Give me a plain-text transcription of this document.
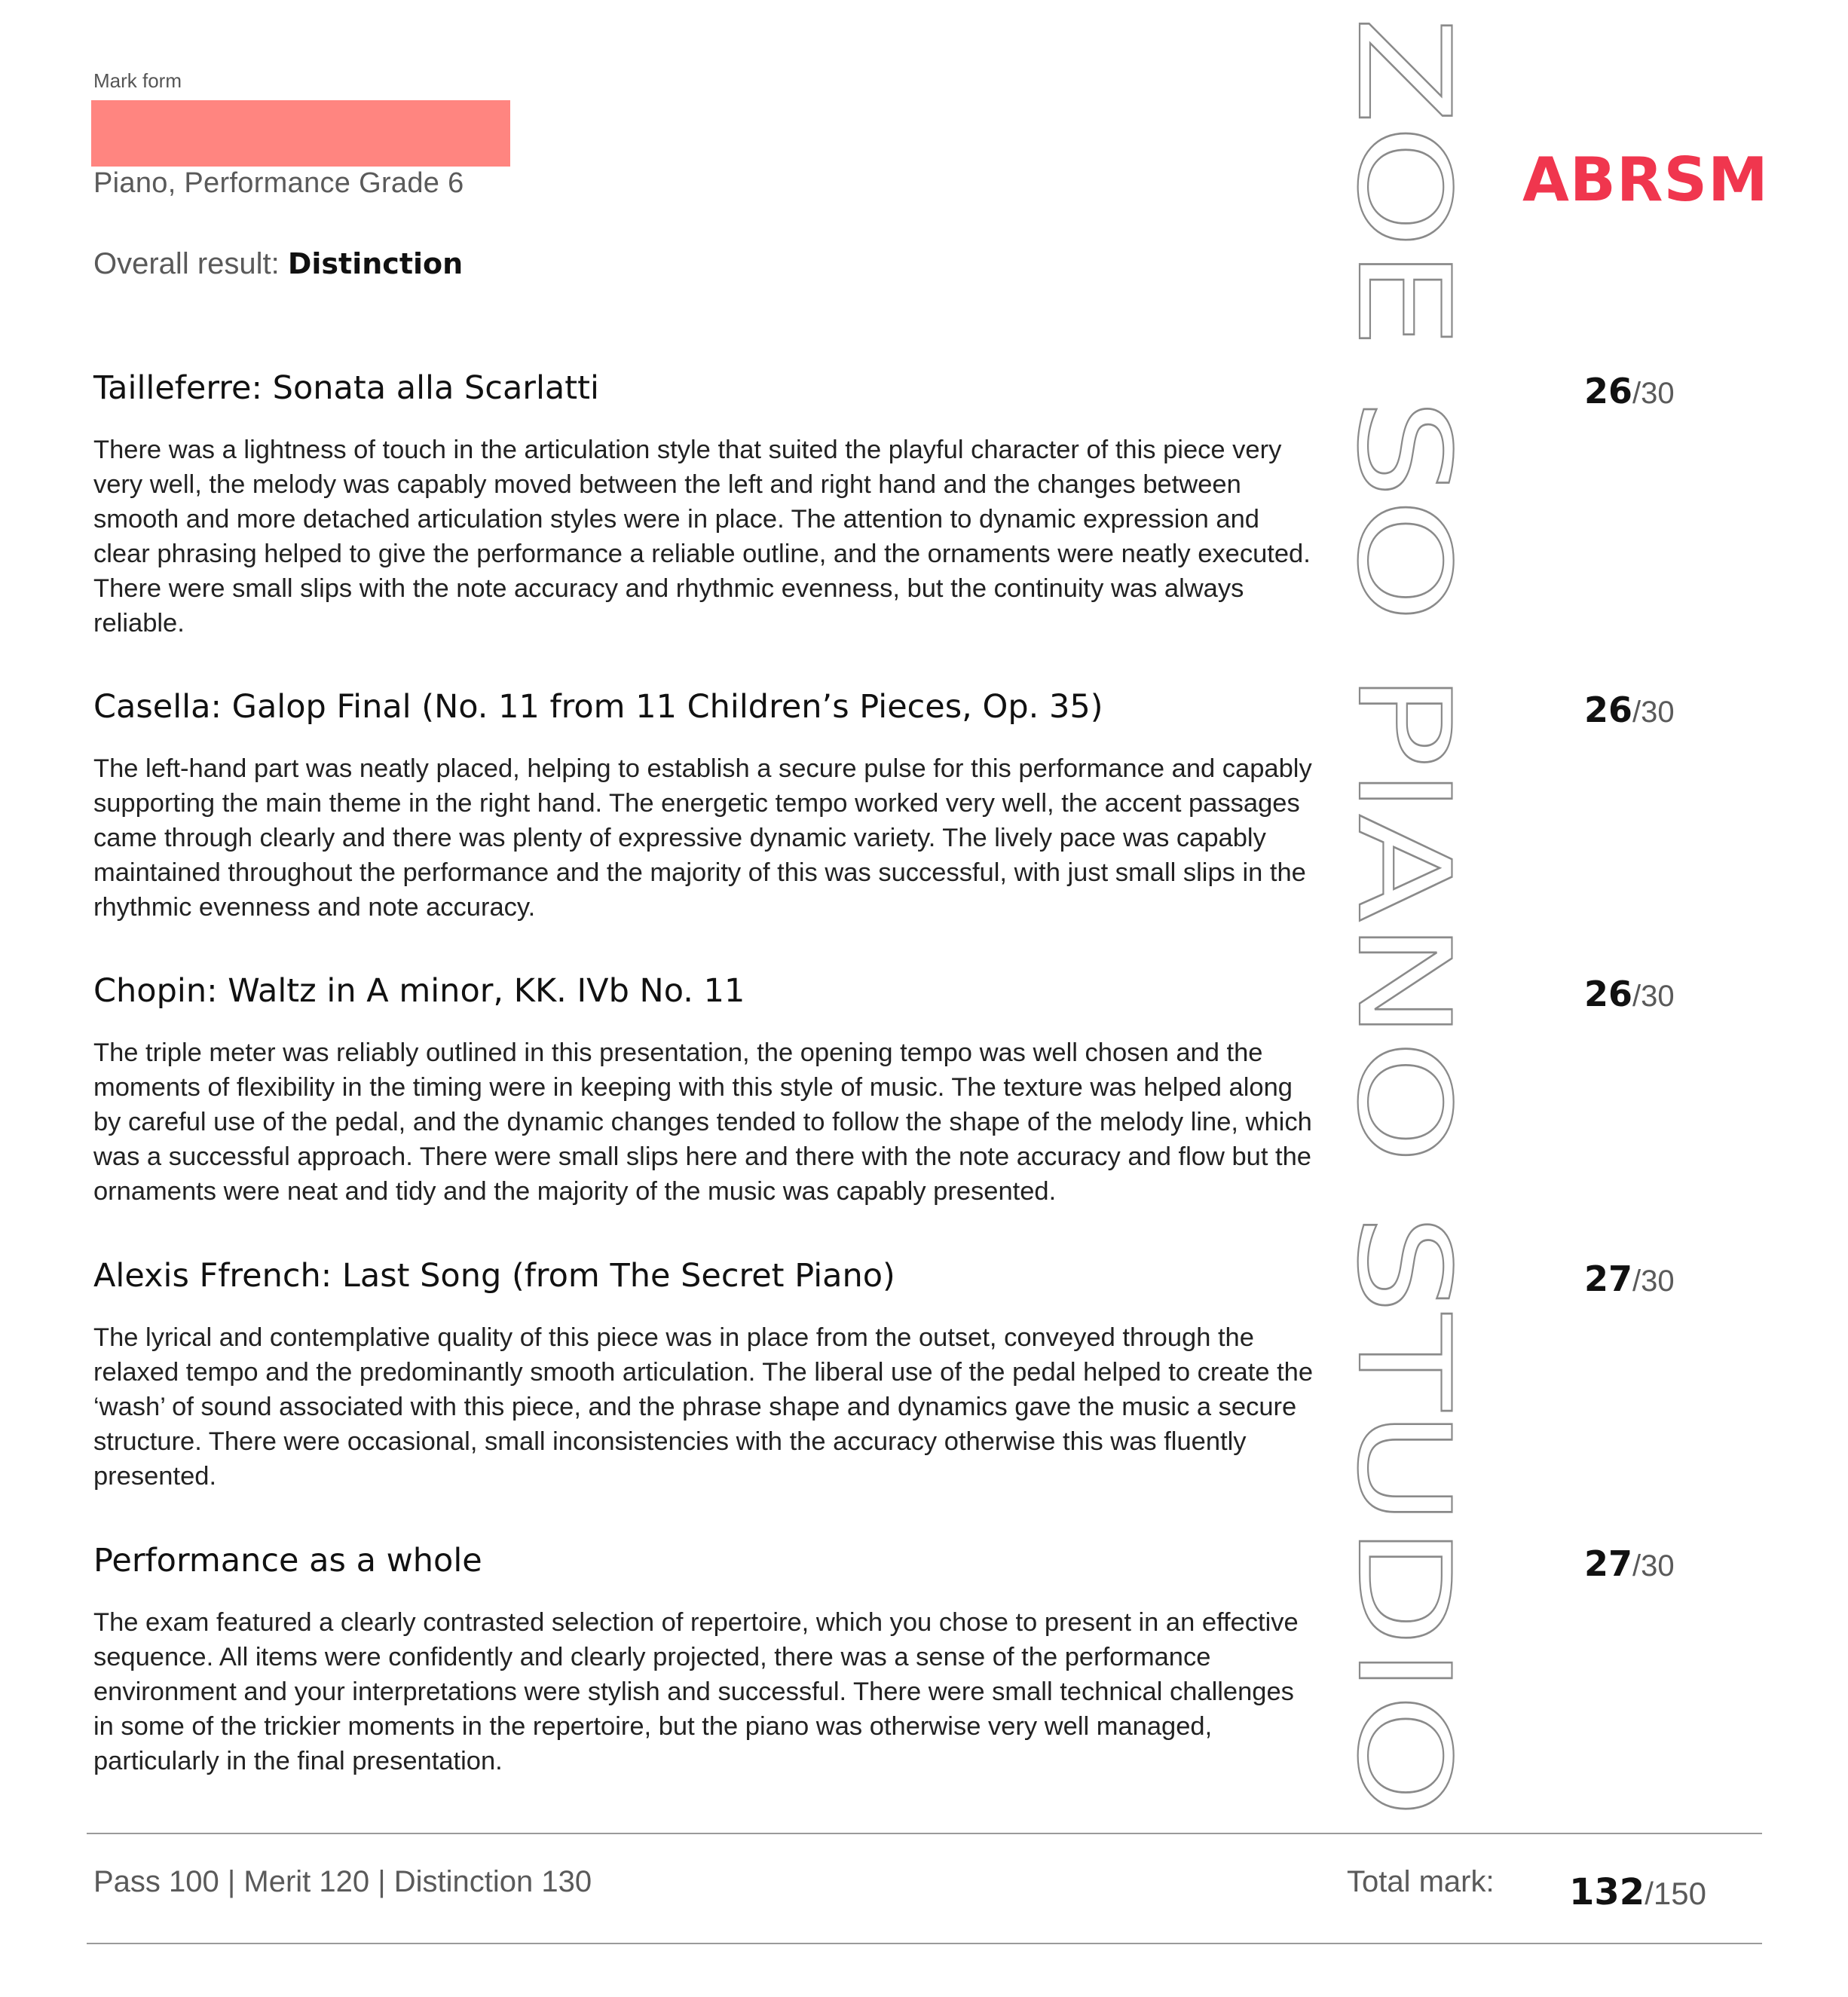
Mark form
Piano, Performance Grade 6
Overall result: Distinction
ABRSM
ZOE SO PIANO STUDIO
Tailleferre: Sonata alla Scarlatti	26/30

There was a lightness of touch in the articulation style that suited the playful character of this piece very very well, the melody was capably moved between the left and right hand and the changes between smooth and more detached articulation styles were in place. The attention to dynamic expression and clear phrasing helped to give the performance a reliable outline, and the ornaments were neatly executed. There were small slips with the note accuracy and rhythmic evenness, but the continuity was always reliable.

Casella: Galop Final (No. 11 from 11 Children’s Pieces, Op. 35)	26/30

The left-hand part was neatly placed, helping to establish a secure pulse for this performance and capably supporting the main theme in the right hand. The energetic tempo worked very well, the accent passages came through clearly and there was plenty of expressive dynamic variety. The lively pace was capably maintained throughout the performance and the majority of this was successful, with just small slips in the rhythmic evenness and note accuracy.

Chopin: Waltz in A minor, KK. IVb No. 11	26/30

The triple meter was reliably outlined in this presentation, the opening tempo was well chosen and the moments of flexibility in the timing were in keeping with this style of music. The texture was helped along by careful use of the pedal, and the dynamic changes tended to follow the shape of the melody line, which was a successful approach. There were small slips here and there with the note accuracy and flow but the ornaments were neat and tidy and the majority of the music was capably presented.

Alexis Ffrench: Last Song (from The Secret Piano)	27/30

The lyrical and contemplative quality of this piece was in place from the outset, conveyed through the relaxed tempo and the predominantly smooth articulation. The liberal use of the pedal helped to create the ‘wash’ of sound associated with this piece, and the phrase shape and dynamics gave the music a secure structure. There were occasional, small inconsistencies with the accuracy otherwise this was fluently presented.

Performance as a whole	27/30

The exam featured a clearly contrasted selection of repertoire, which you chose to present in an effective sequence. All items were confidently and clearly projected, there was a sense of the performance environment and your interpretations were stylish and successful. There were small technical challenges in some of the trickier moments in the repertoire, but the piano was otherwise very well managed, particularly in the final presentation.

Pass 100 | Merit 120 | Distinction 130	Total mark: 132/150
